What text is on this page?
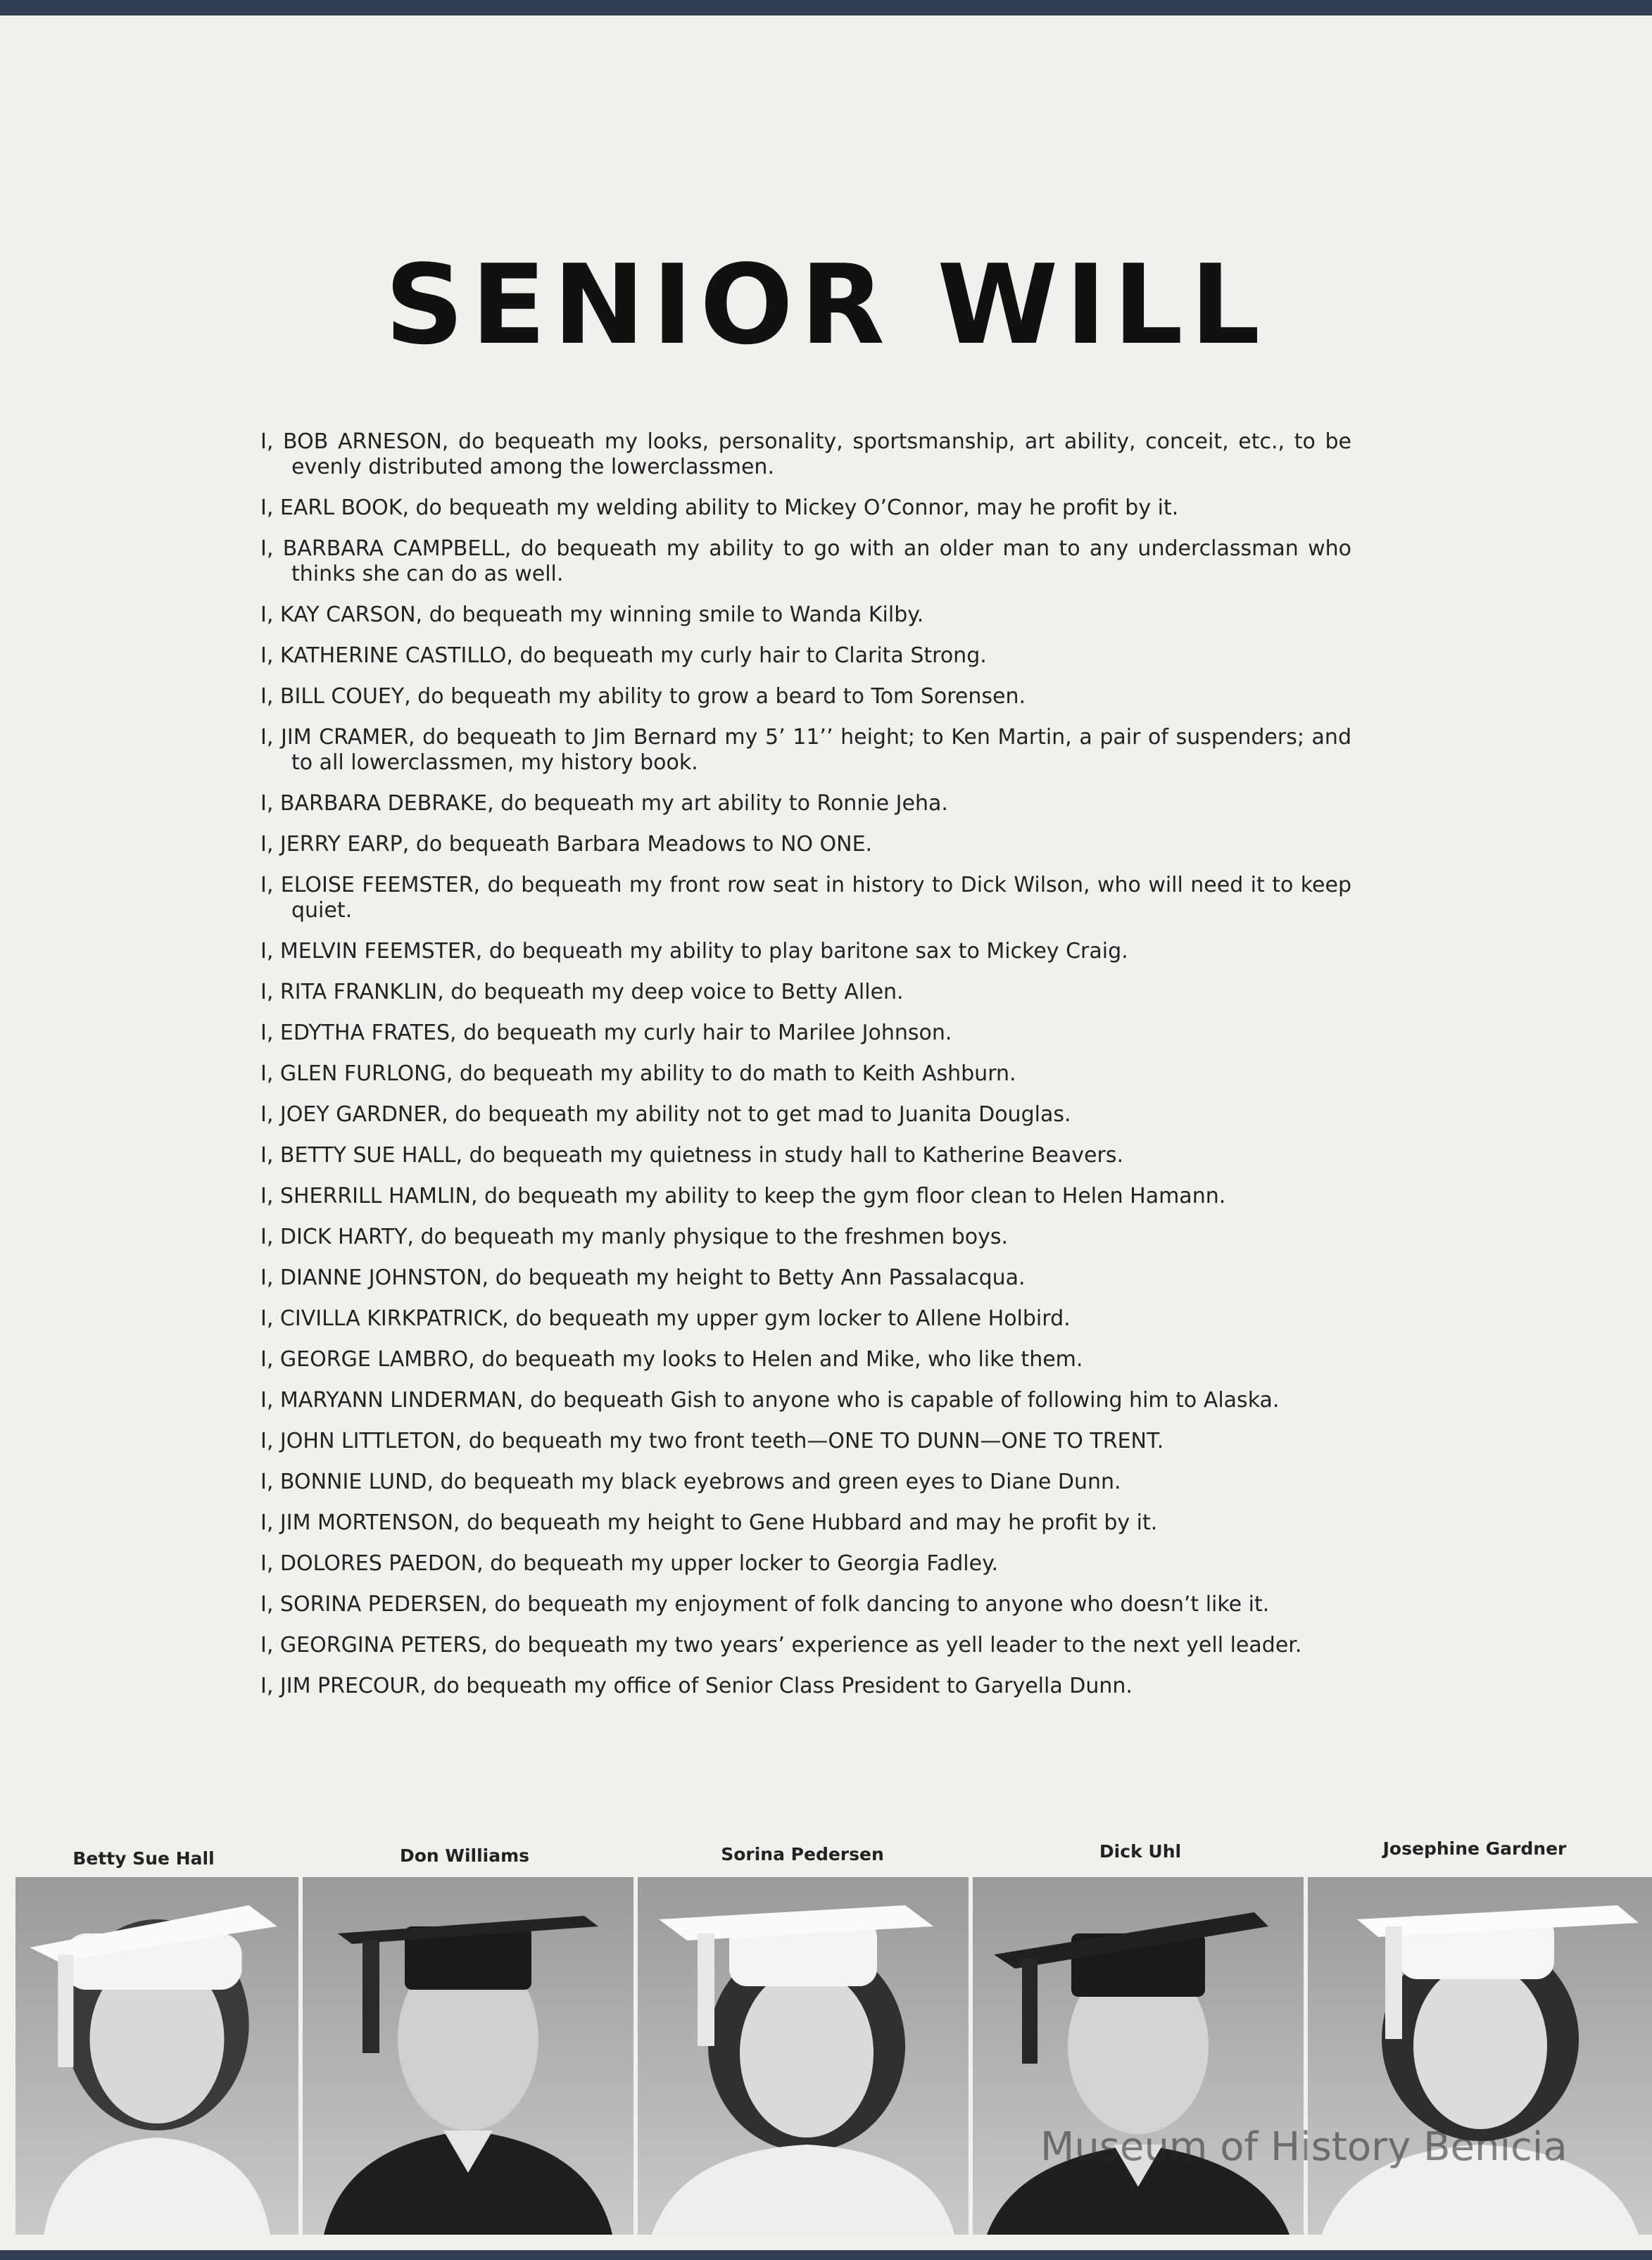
SENIOR WILL
I, BOB ARNESON, do bequeath my looks, personality, sportsmanship, art ability, conceit, etc., to be evenly distributed among the lowerclassmen.
I, EARL BOOK, do bequeath my welding ability to Mickey O’Connor, may he profit by it.
I, BARBARA CAMPBELL, do bequeath my ability to go with an older man to any underclassman who thinks she can do as well.
I, KAY CARSON, do bequeath my winning smile to Wanda Kilby.
I, KATHERINE CASTILLO, do bequeath my curly hair to Clarita Strong.
I, BILL COUEY, do bequeath my ability to grow a beard to Tom Sorensen.
I, JIM CRAMER, do bequeath to Jim Bernard my 5’ 11’’ height; to Ken Martin, a pair of suspenders; and to all lowerclassmen, my history book.
I, BARBARA DEBRAKE, do bequeath my art ability to Ronnie Jeha.
I, JERRY EARP, do bequeath Barbara Meadows to NO ONE.
I, ELOISE FEEMSTER, do bequeath my front row seat in history to Dick Wilson, who will need it to keep quiet.
I, MELVIN FEEMSTER, do bequeath my ability to play baritone sax to Mickey Craig.
I, RITA FRANKLIN, do bequeath my deep voice to Betty Allen.
I, EDYTHA FRATES, do bequeath my curly hair to Marilee Johnson.
I, GLEN FURLONG, do bequeath my ability to do math to Keith Ashburn.
I, JOEY GARDNER, do bequeath my ability not to get mad to Juanita Douglas.
I, BETTY SUE HALL, do bequeath my quietness in study hall to Katherine Beavers.
I, SHERRILL HAMLIN, do bequeath my ability to keep the gym floor clean to Helen Hamann.
I, DICK HARTY, do bequeath my manly physique to the freshmen boys.
I, DIANNE JOHNSTON, do bequeath my height to Betty Ann Passalacqua.
I, CIVILLA KIRKPATRICK, do bequeath my upper gym locker to Allene Holbird.
I, GEORGE LAMBRO, do bequeath my looks to Helen and Mike, who like them.
I, MARYANN LINDERMAN, do bequeath Gish to anyone who is capable of following him to Alaska.
I, JOHN LITTLETON, do bequeath my two front teeth—ONE TO DUNN—ONE TO TRENT.
I, BONNIE LUND, do bequeath my black eyebrows and green eyes to Diane Dunn.
I, JIM MORTENSON, do bequeath my height to Gene Hubbard and may he profit by it.
I, DOLORES PAEDON, do bequeath my upper locker to Georgia Fadley.
I, SORINA PEDERSEN, do bequeath my enjoyment of folk dancing to anyone who doesn’t like it.
I, GEORGINA PETERS, do bequeath my two years’ experience as yell leader to the next yell leader.
I, JIM PRECOUR, do bequeath my office of Senior Class President to Garyella Dunn.
Betty Sue Hall	Don Williams	Sorina Pedersen	Dick Uhl	Josephine Gardner
Museum of History Benicia
